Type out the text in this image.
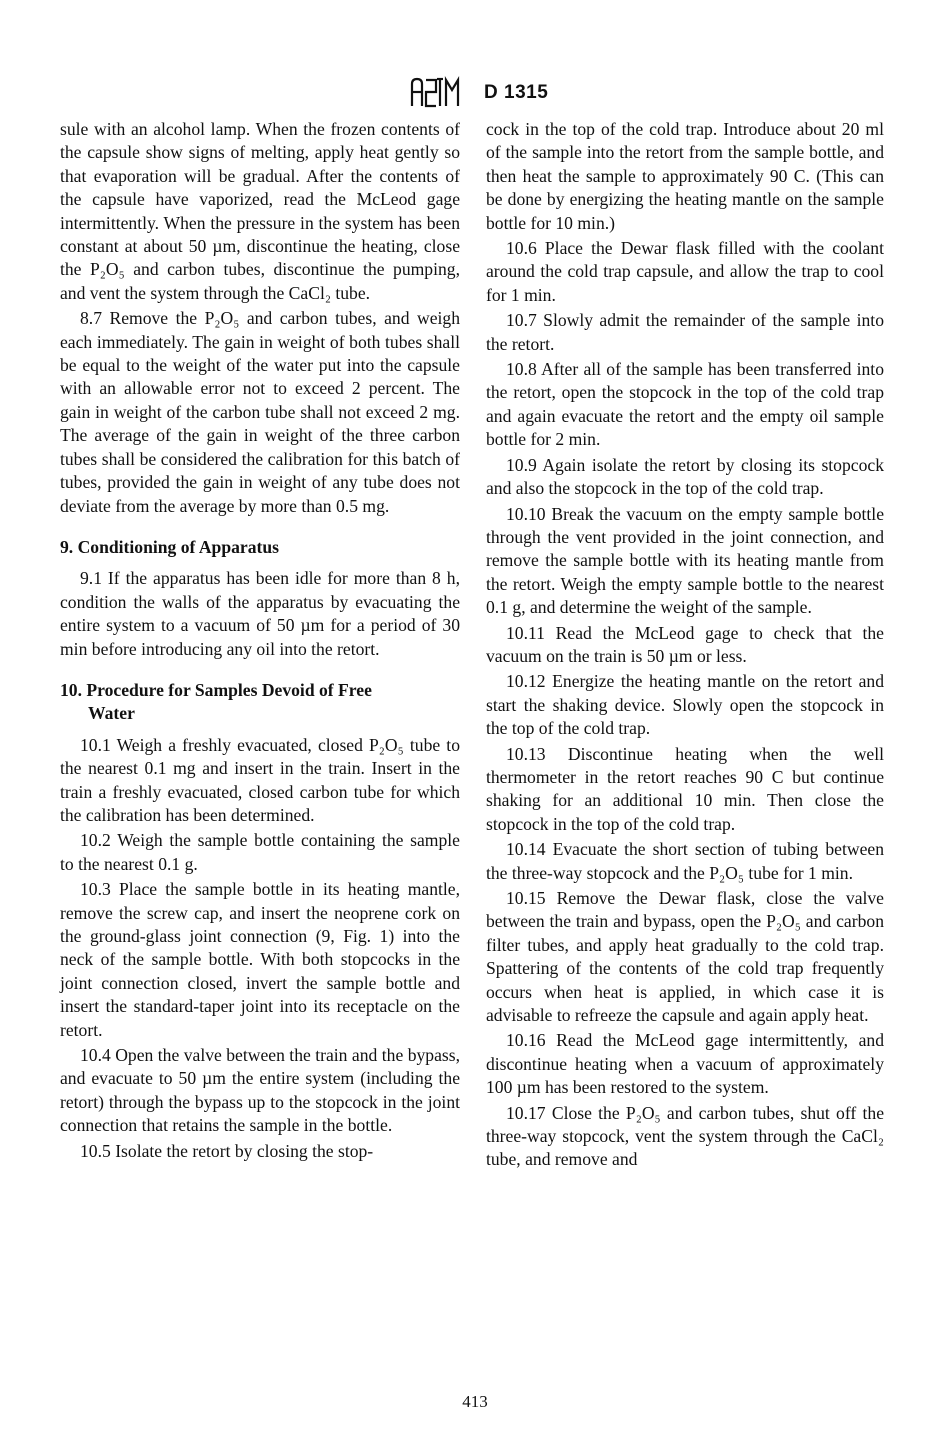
D 1315

sule with an alcohol lamp. When the frozen contents of the capsule show signs of melting, apply heat gently so that evaporation will be gradual. After the contents of the capsule have vaporized, read the McLeod gage intermittently. When the pressure in the system has been constant at about 50 µm, discontinue the heating, close the P₂O₅ and carbon tubes, discontinue the pumping, and vent the system through the CaCl₂ tube.

8.7 Remove the P₂O₅ and carbon tubes, and weigh each immediately. The gain in weight of both tubes shall be equal to the weight of the water put into the capsule with an allowable error not to exceed 2 percent. The gain in weight of the carbon tube shall not exceed 2 mg. The average of the gain in weight of the three carbon tubes shall be considered the calibration for this batch of tubes, provided the gain in weight of any tube does not deviate from the average by more than 0.5 mg.

9. Conditioning of Apparatus

9.1 If the apparatus has been idle for more than 8 h, condition the walls of the apparatus by evacuating the entire system to a vacuum of 50 µm for a period of 30 min before introducing any oil into the retort.

10. Procedure for Samples Devoid of Free
Water

10.1 Weigh a freshly evacuated, closed P₂O₅ tube to the nearest 0.1 mg and insert in the train. Insert in the train a freshly evacuated, closed carbon tube for which the calibration has been determined.

10.2 Weigh the sample bottle containing the sample to the nearest 0.1 g.

10.3 Place the sample bottle in its heating mantle, remove the screw cap, and insert the neoprene cork on the ground-glass joint connection (9, Fig. 1) into the neck of the sample bottle. With both stopcocks in the joint connection closed, invert the sample bottle and insert the standard-taper joint into its receptacle on the retort.

10.4 Open the valve between the train and the bypass, and evacuate to 50 µm the entire system (including the retort) through the bypass up to the stopcock in the joint connection that retains the sample in the bottle.

10.5 Isolate the retort by closing the stop-

cock in the top of the cold trap. Introduce about 20 ml of the sample into the retort from the sample bottle, and then heat the sample to approximately 90 C. (This can be done by energizing the heating mantle on the sample bottle for 10 min.)

10.6 Place the Dewar flask filled with the coolant around the cold trap capsule, and allow the trap to cool for 1 min.

10.7 Slowly admit the remainder of the sample into the retort.

10.8 After all of the sample has been transferred into the retort, open the stopcock in the top of the cold trap and again evacuate the retort and the empty oil sample bottle for 2 min.

10.9 Again isolate the retort by closing its stopcock and also the stopcock in the top of the cold trap.

10.10 Break the vacuum on the empty sample bottle through the vent provided in the joint connection, and remove the sample bottle with its heating mantle from the retort. Weigh the empty sample bottle to the nearest 0.1 g, and determine the weight of the sample.

10.11 Read the McLeod gage to check that the vacuum on the train is 50 µm or less.

10.12 Energize the heating mantle on the retort and start the shaking device. Slowly open the stopcock in the top of the cold trap.

10.13 Discontinue heating when the well thermometer in the retort reaches 90 C but continue shaking for an additional 10 min. Then close the stopcock in the top of the cold trap.

10.14 Evacuate the short section of tubing between the three-way stopcock and the P₂O₅ tube for 1 min.

10.15 Remove the Dewar flask, close the valve between the train and bypass, open the P₂O₅ and carbon filter tubes, and apply heat gradually to the cold trap. Spattering of the contents of the cold trap frequently occurs when heat is applied, in which case it is advisable to refreeze the capsule and again apply heat.

10.16 Read the McLeod gage intermittently, and discontinue heating when a vacuum of approximately 100 µm has been restored to the system.

10.17 Close the P₂O₅ and carbon tubes, shut off the three-way stopcock, vent the system through the CaCl₂ tube, and remove and

413
